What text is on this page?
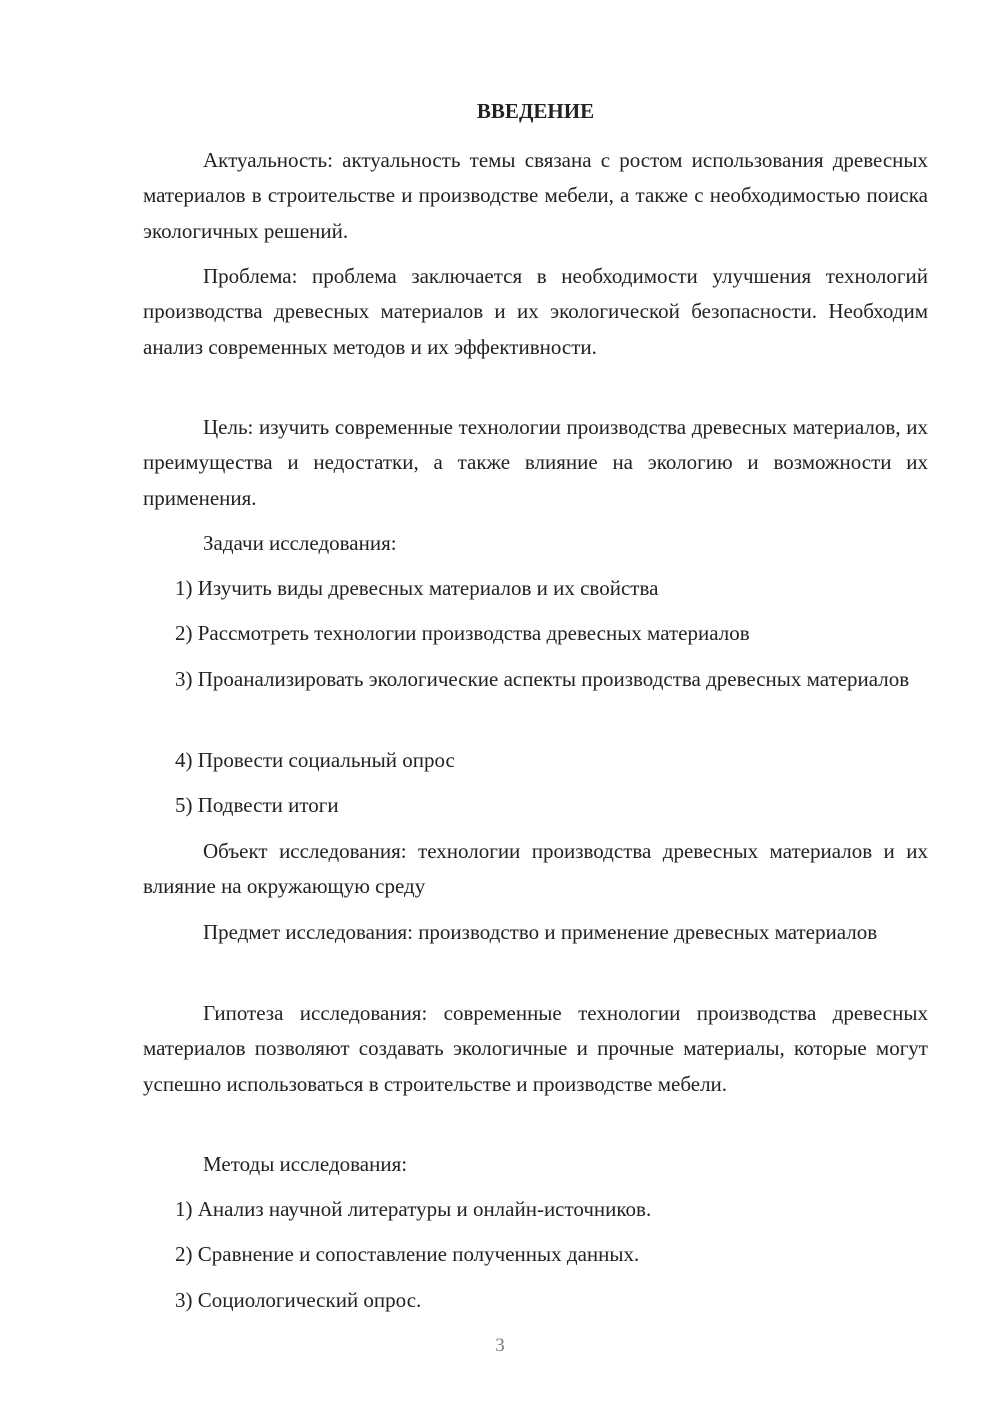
ВВЕДЕНИЕ

Актуальность: актуальность темы связана с ростом использования древесных материалов в строительстве и производстве мебели, а также с необходимостью поиска экологичных решений.

Проблема: проблема заключается в необходимости улучшения технологий производства древесных материалов и их экологической безопасности. Необходим анализ современных методов и их эффективности.

Цель: изучить современные технологии производства древесных материалов, их преимущества и недостатки, а также влияние на экологию и возможности их применения.

Задачи исследования:

1) Изучить виды древесных материалов и их свойства

2) Рассмотреть технологии производства древесных материалов

3) Проанализировать экологические аспекты производства древесных материалов

4) Провести социальный опрос

5) Подвести итоги

Объект исследования: технологии производства древесных материалов и их влияние на окружающую среду

Предмет исследования: производство и применение древесных материалов

Гипотеза исследования: современные технологии производства древесных материалов позволяют создавать экологичные и прочные материалы, которые могут успешно использоваться в строительстве и производстве мебели.

Методы исследования:

1) Анализ научной литературы и онлайн-источников.

2) Сравнение и сопоставление полученных данных.

3) Социологический опрос.

3
